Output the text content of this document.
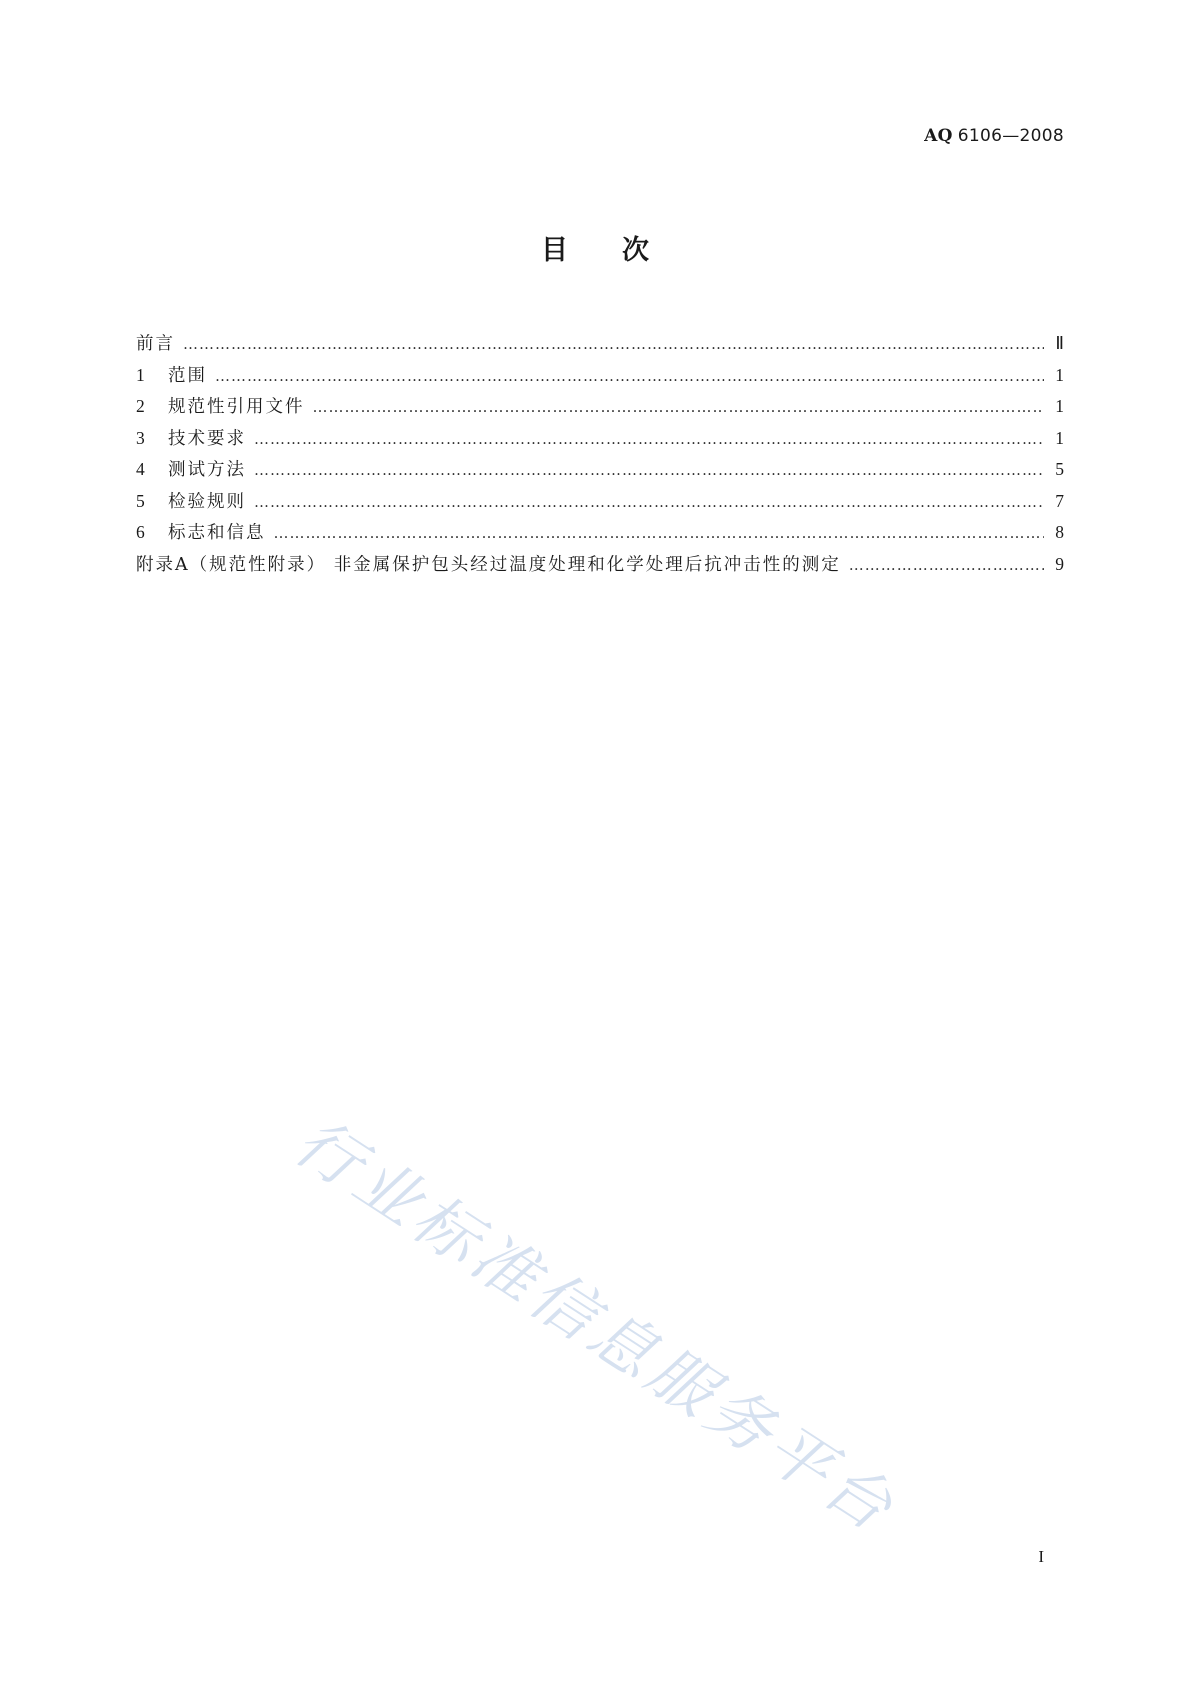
AQ 6106—2008
目次
前言 ……………………………………………………………………………………………………………………………………………………………………………………………………………………	Ⅱ
1	范围 ……………………………………………………………………………………………………………………………………………………………………………………………………………………	1
2	规范性引用文件 ……………………………………………………………………………………………………………………………………………………………………………………………………………………	1
3	技术要求 ……………………………………………………………………………………………………………………………………………………………………………………………………………………	1
4	测试方法 ……………………………………………………………………………………………………………………………………………………………………………………………………………………	5
5	检验规则 ……………………………………………………………………………………………………………………………………………………………………………………………………………………	7
6	标志和信息 ……………………………………………………………………………………………………………………………………………………………………………………………………………………	8
附录A（规范性附录） 非金属保护包头经过温度处理和化学处理后抗冲击性的测定 ……………………………………………………………………………………………………………………………………………………………………………………………………………………	9
行业标准信息服务平台
I
